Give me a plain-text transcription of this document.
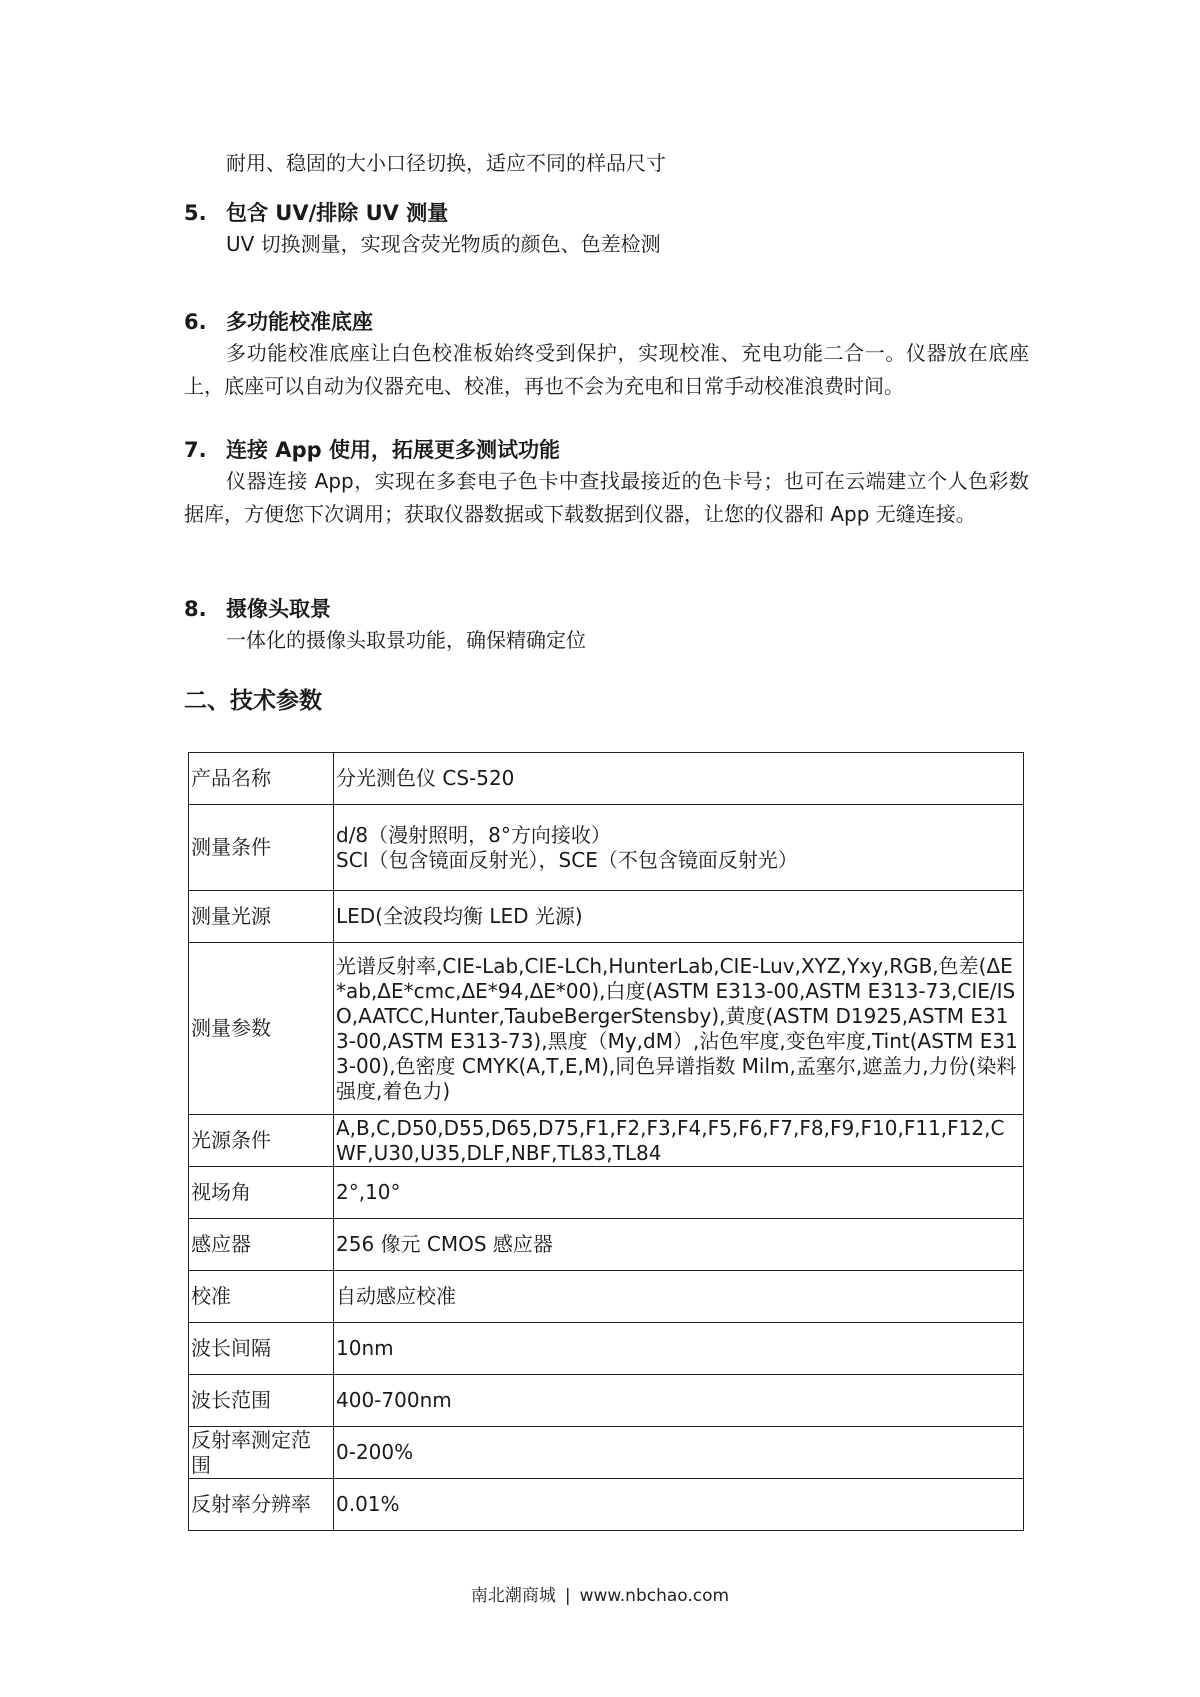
耐用、稳固的大小口径切换，适应不同的样品尺寸
5. 包含 UV/排除 UV 测量
UV 切换测量，实现含荧光物质的颜色、色差检测
6. 多功能校准底座
多功能校准底座让白色校准板始终受到保护，实现校准、充电功能二合一。仪器放在底座上，底座可以自动为仪器充电、校准，再也不会为充电和日常手动校准浪费时间。
7. 连接 App 使用，拓展更多测试功能
仪器连接 App，实现在多套电子色卡中查找最接近的色卡号；也可在云端建立个人色彩数据库，方便您下次调用；获取仪器数据或下载数据到仪器，让您的仪器和 App 无缝连接。
8. 摄像头取景
一体化的摄像头取景功能，确保精确定位
二、技术参数
产品名称	分光测色仪 CS-520
测量条件	d/8（漫射照明，8°方向接收）
SCI（包含镜面反射光），SCE（不包含镜面反射光）
测量光源	LED(全波段均衡 LED 光源)
测量参数	光谱反射率,CIE-Lab,CIE-LCh,HunterLab,CIE-Luv,XYZ,Yxy,RGB,色差(ΔE*ab,ΔE*cmc,ΔE*94,ΔE*00),白度(ASTM E313-00,ASTM E313-73,CIE/ISO,AATCC,Hunter,TaubeBergerStensby),黄度(ASTM D1925,ASTM E313-00,ASTM E313-73),黑度（My,dM）,沾色牢度,变色牢度,Tint(ASTM E313-00),色密度 CMYK(A,T,E,M),同色异谱指数 Milm,孟塞尔,遮盖力,力份(染料强度,着色力)
光源条件	A,B,C,D50,D55,D65,D75,F1,F2,F3,F4,F5,F6,F7,F8,F9,F10,F11,F12,CWF,U30,U35,DLF,NBF,TL83,TL84
视场角	2°,10°
感应器	256 像元 CMOS 感应器
校准	自动感应校准
波长间隔	10nm
波长范围	400-700nm
反射率测定范围	0-200%
反射率分辨率	0.01%
南北潮商城 | www.nbchao.com
